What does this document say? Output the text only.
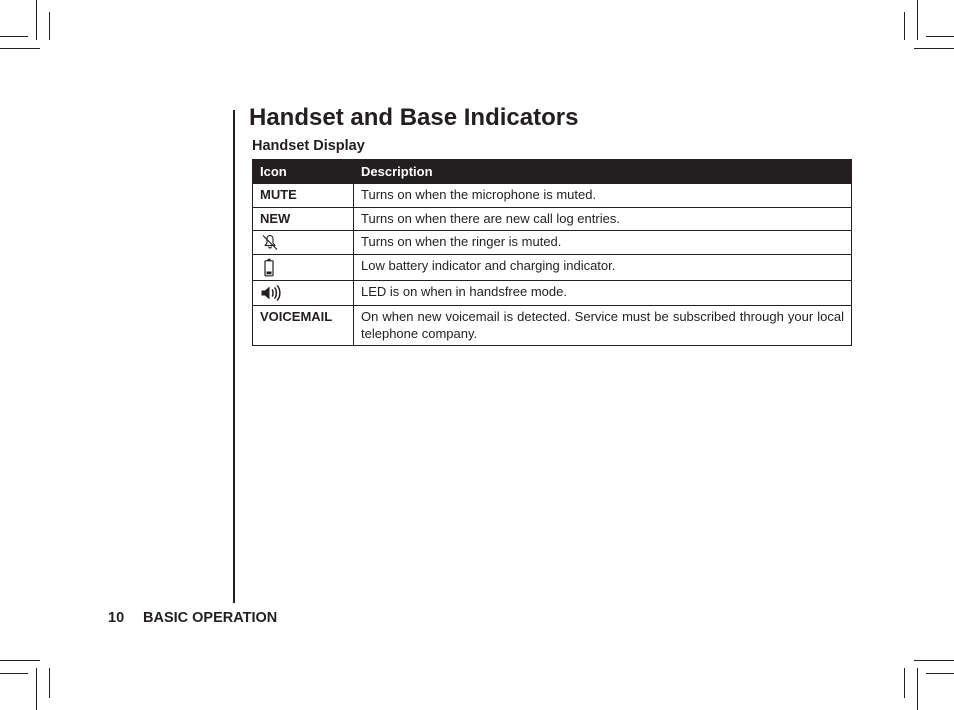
Handset and Base Indicators
Handset Display
Icon	Description
MUTE	Turns on when the microphone is muted.
NEW	Turns on when there are new call log entries.

	Turns on when the ringer is muted.

	Low battery indicator and charging indicator.

	LED is on when in handsfree mode.
VOICEMAIL	On when new voicemail is detected. Service must be subscribed through your local telephone company.
10 BASIC OPERATION
